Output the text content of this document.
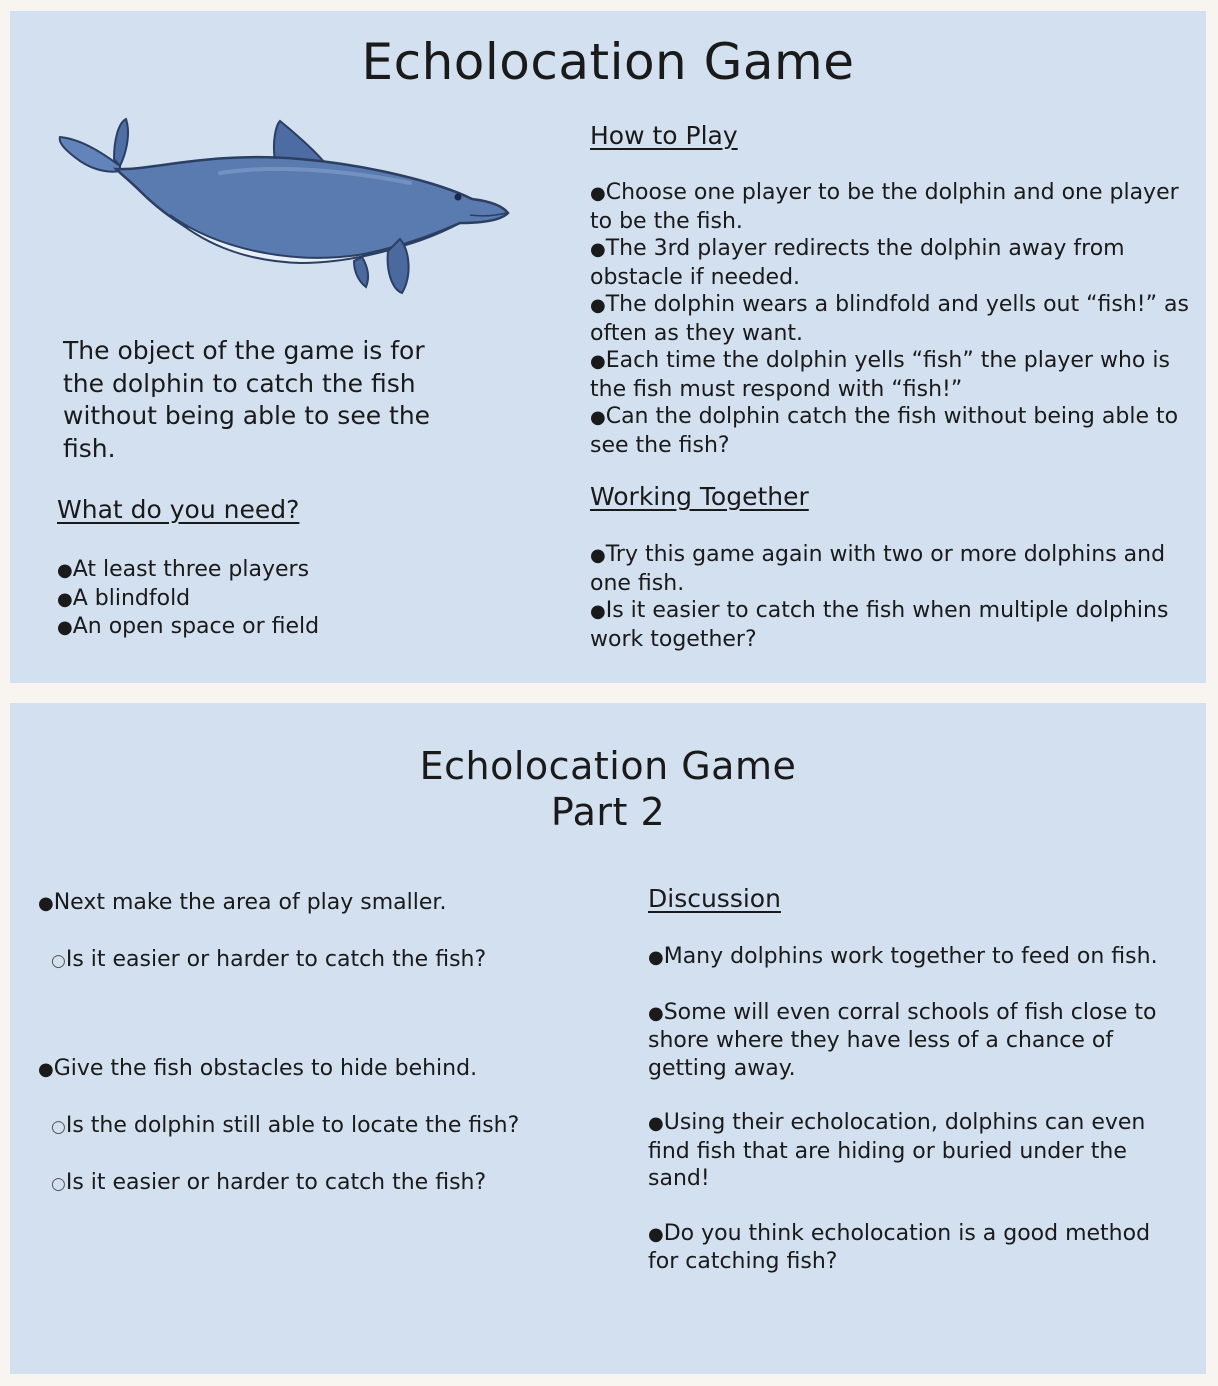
Echolocation Game

The object of the game is for the dolphin to catch the fish without being able to see the fish.

What do you need?
●At least three players
●A blindfold
●An open space or field
How to Play
●Choose one player to be the dolphin and one player to be the fish.
●The 3rd player redirects the dolphin away from obstacle if needed.
●The dolphin wears a blindfold and yells out “fish!” as often as they want.
●Each time the dolphin yells “fish” the player who is the fish must respond with “fish!”
●Can the dolphin catch the fish without being able to see the fish?
Working Together
●Try this game again with two or more dolphins and one fish.
●Is it easier to catch the fish when multiple dolphins work together?
Echolocation Game
Part 2
●Next make the area of play smaller.
○Is it easier or harder to catch the fish?
●Give the fish obstacles to hide behind.
○Is the dolphin still able to locate the fish?
○Is it easier or harder to catch the fish?
Discussion
●Many dolphins work together to feed on fish.
●Some will even corral schools of fish close to shore where they have less of a chance of getting away.
●Using their echolocation, dolphins can even find fish that are hiding or buried under the sand!
●Do you think echolocation is a good method for catching fish?
